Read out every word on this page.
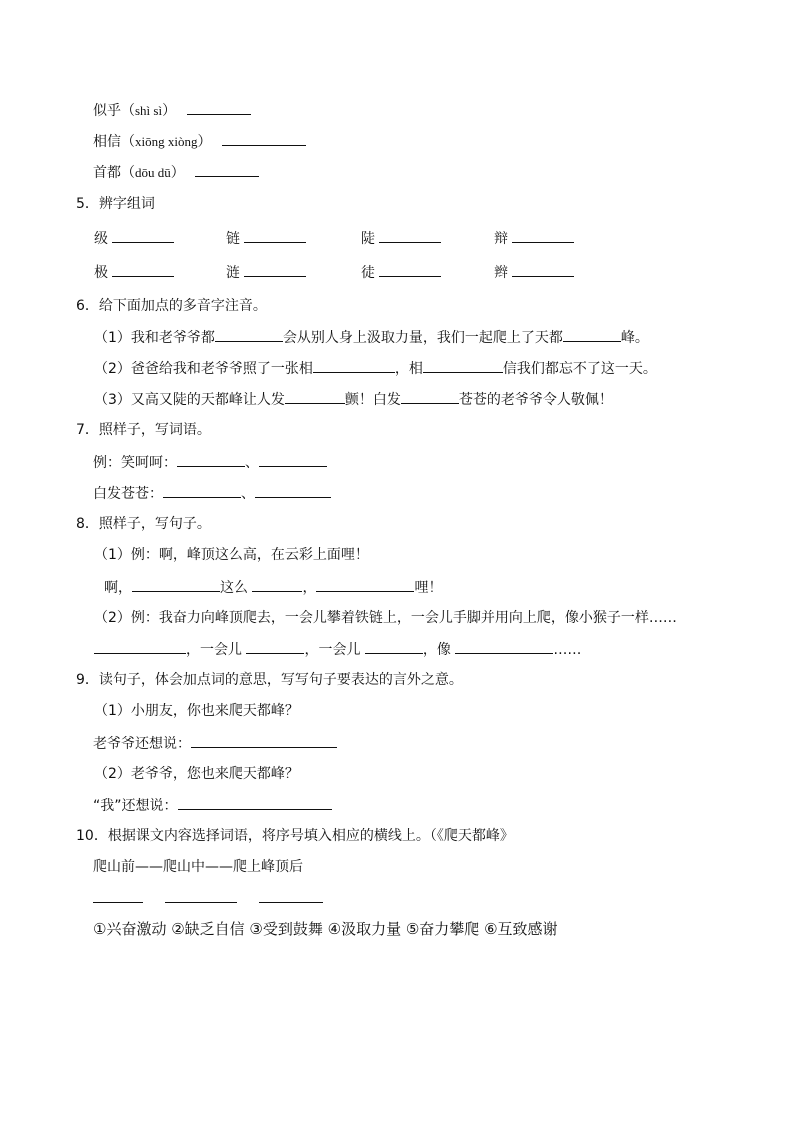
似乎（shì sì）
相信（xiōng xiòng）
首都（dōu dū）
5．辨字组词
级	链	陡	辩
极	涟	徒	辫
6．给下面加点的多音字注音。
（1）我和老爷爷都	会从别人身上汲取力量，我们一起爬上了天都	峰。
（2）爸爸给我和老爷爷照了一张相	，相	信我们都忘不了这一天。
（3）又高又陡的天都峰让人发	颤！白发	苍苍的老爷爷令人敬佩！
7．照样子，写词语。
例：笑呵呵：	、
白发苍苍：	、
8．照样子，写句子。
（1）例：啊，峰顶这么高，在云彩上面哩！
啊，	这么	，	哩！
（2）例：我奋力向峰顶爬去，一会儿攀着铁链上，一会儿手脚并用向上爬，像小猴子一样……
，一会儿	，一会儿	，像	……
9．读句子，体会加点词的意思，写写句子要表达的言外之意。
（1）小朋友，你也来爬天都峰？
老爷爷还想说：
（2）老爷爷，您也来爬天都峰？
“我”还想说：
10．根据课文内容选择词语，将序号填入相应的横线上。（《爬天都峰》
爬山前——爬山中——爬上峰顶后
①兴奋激动 ②缺乏自信 ③受到鼓舞 ④汲取力量 ⑤奋力攀爬 ⑥互致感谢
